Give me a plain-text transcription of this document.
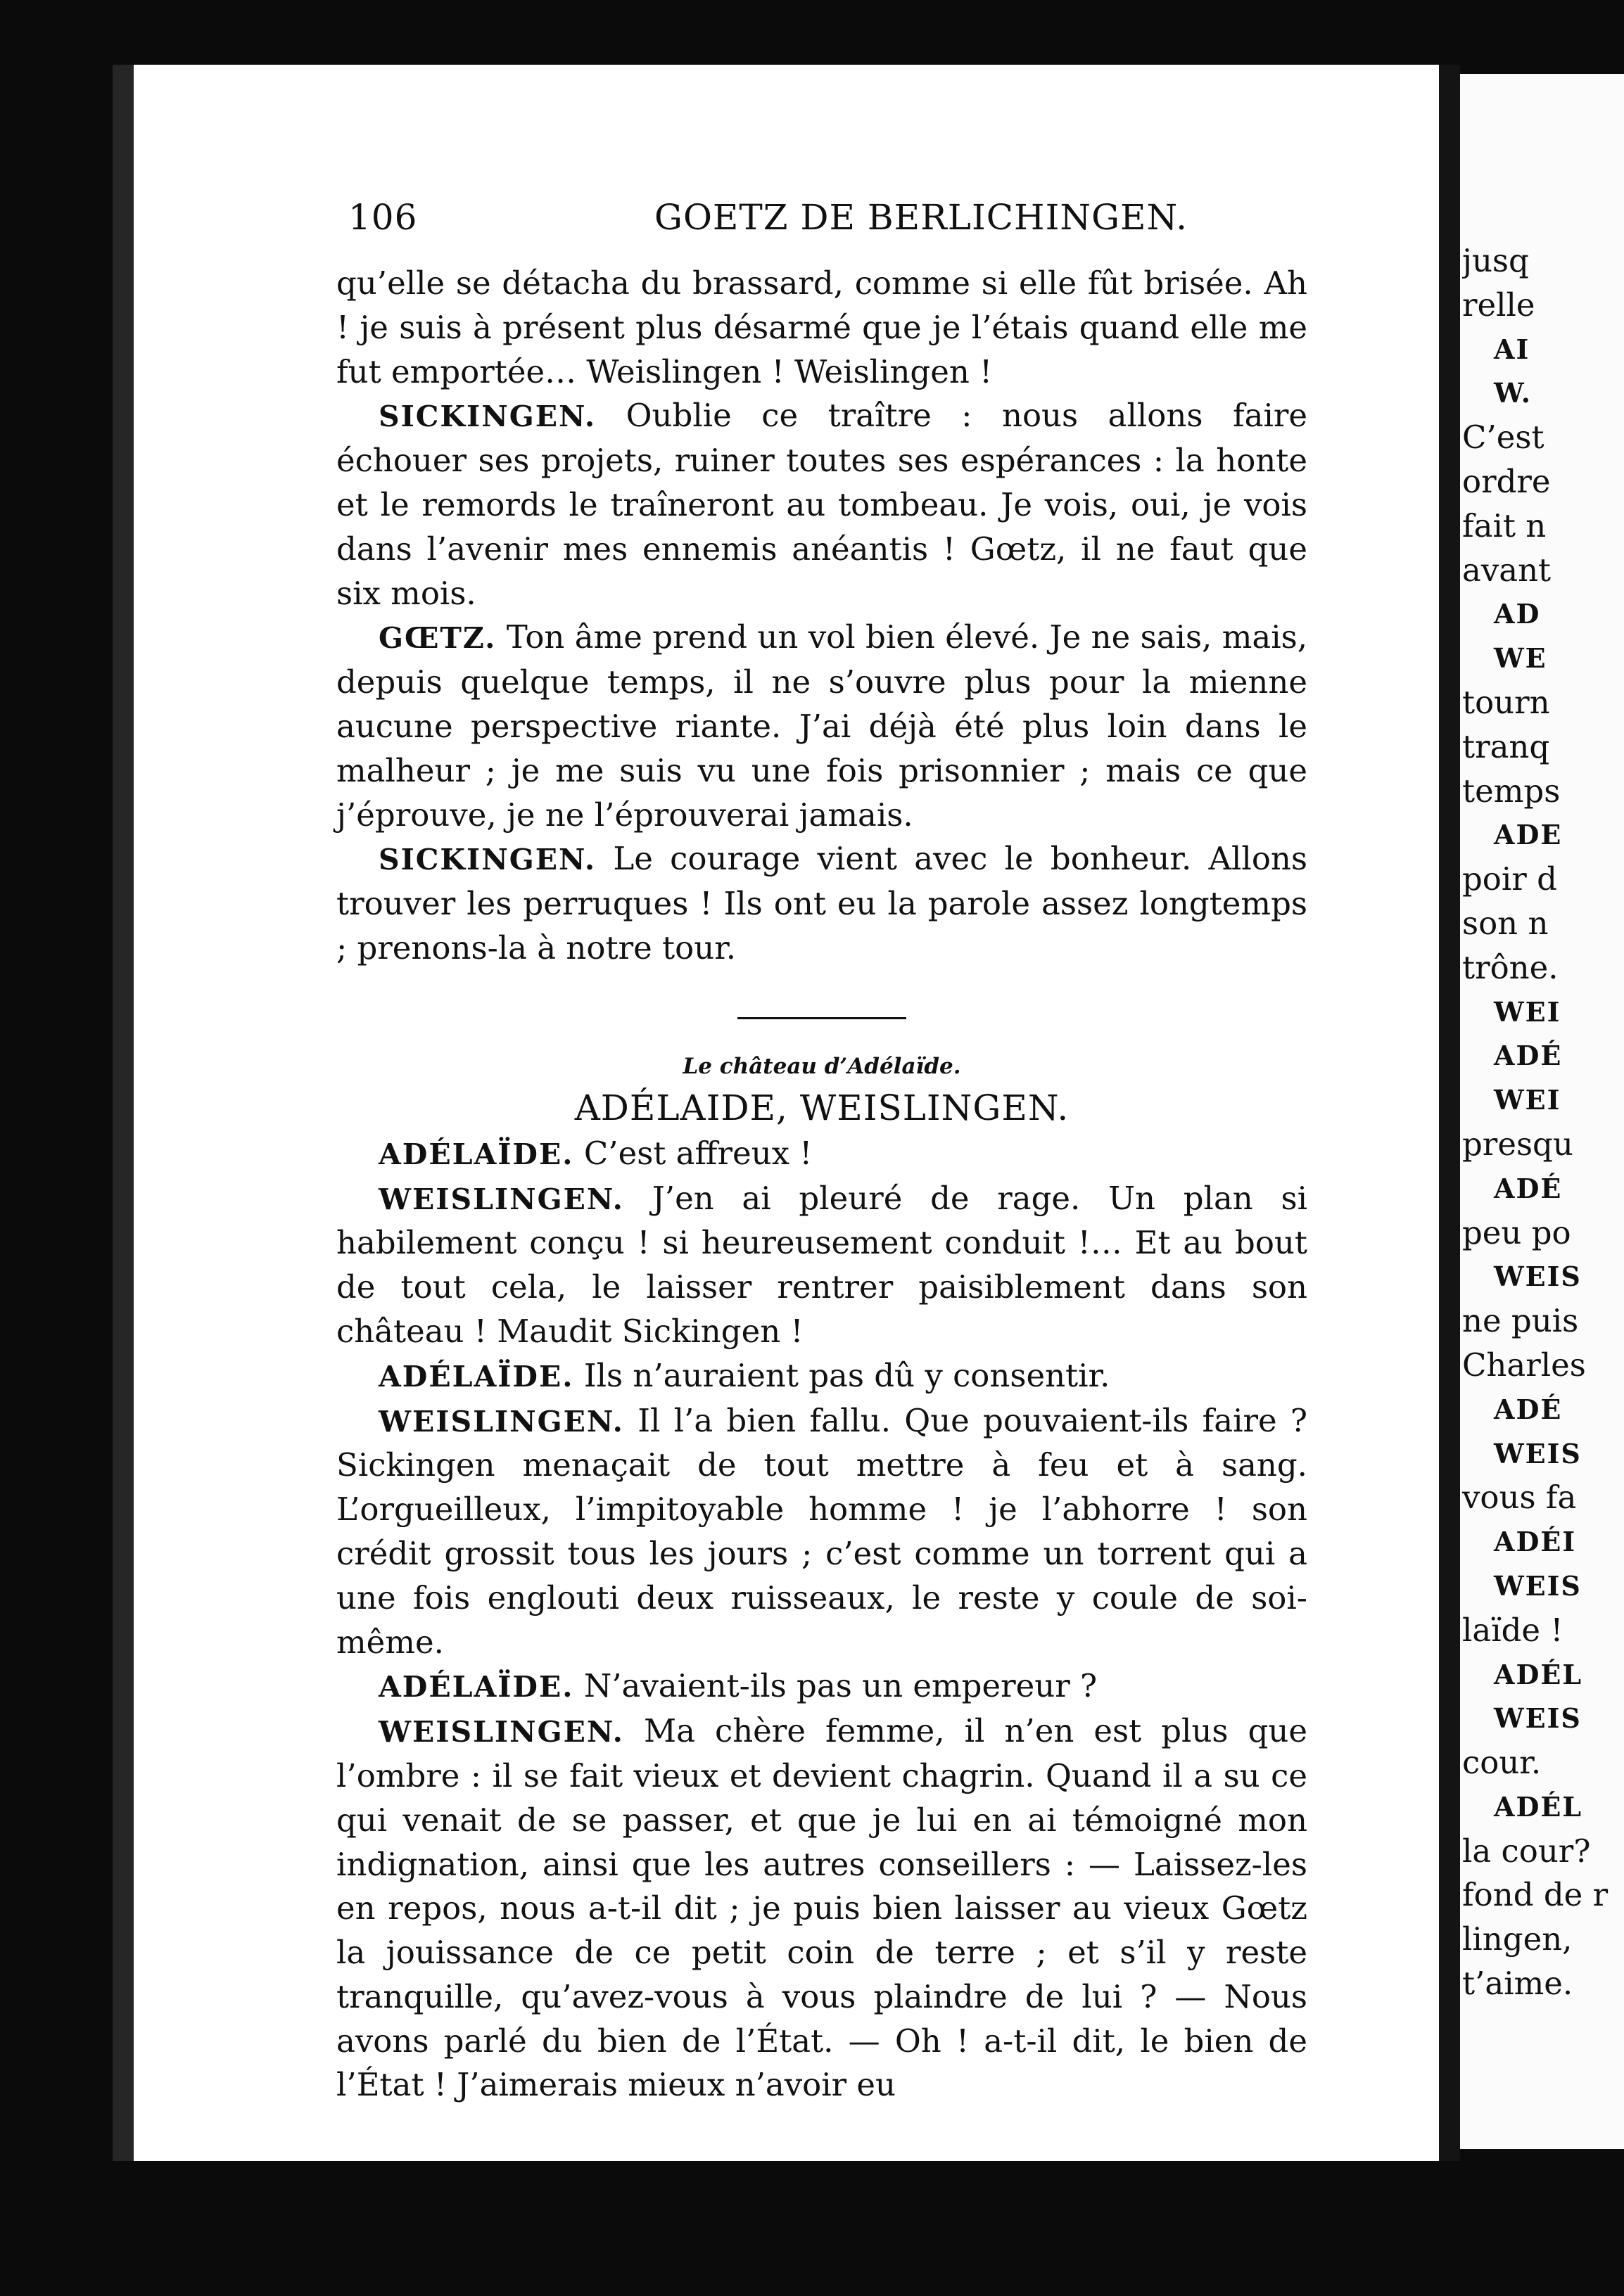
106	GOETZ DE BERLICHINGEN.

qu’elle se détacha du brassard, comme si elle fût brisée. Ah ! je suis à présent plus désarmé que je l’étais quand elle me fut emportée… Weislingen ! Weislingen !

SICKINGEN. Oublie ce traître : nous allons faire échouer ses projets, ruiner toutes ses espérances : la honte et le remords le traîneront au tombeau. Je vois, oui, je vois dans l’avenir mes ennemis anéantis ! Gœtz, il ne faut que six mois.

GŒTZ. Ton âme prend un vol bien élevé. Je ne sais, mais, depuis quelque temps, il ne s’ouvre plus pour la mienne aucune perspective riante. J’ai déjà été plus loin dans le malheur ; je me suis vu une fois prisonnier ; mais ce que j’éprouve, je ne l’éprouverai jamais.

SICKINGEN. Le courage vient avec le bonheur. Allons trouver les perruques ! Ils ont eu la parole assez longtemps ; prenons-la à notre tour.

Le château d’Adélaïde.

ADÉLAIDE, WEISLINGEN.

ADÉLAÏDE. C’est affreux !

WEISLINGEN. J’en ai pleuré de rage. Un plan si habilement conçu ! si heureusement conduit !… Et au bout de tout cela, le laisser rentrer paisiblement dans son château ! Maudit Sickingen !

ADÉLAÏDE. Ils n’auraient pas dû y consentir.

WEISLINGEN. Il l’a bien fallu. Que pouvaient-ils faire ? Sickingen menaçait de tout mettre à feu et à sang. L’orgueilleux, l’impitoyable homme ! je l’abhorre ! son crédit grossit tous les jours ; c’est comme un torrent qui a une fois englouti deux ruisseaux, le reste y coule de soi-même.

ADÉLAÏDE. N’avaient-ils pas un empereur ?

WEISLINGEN. Ma chère femme, il n’en est plus que l’ombre : il se fait vieux et devient chagrin. Quand il a su ce qui venait de se passer, et que je lui en ai témoigné mon indignation, ainsi que les autres conseillers : — Laissez-les en repos, nous a-t-il dit ; je puis bien laisser au vieux Gœtz la jouissance de ce petit coin de terre ; et s’il y reste tranquille, qu’avez-vous à vous plaindre de lui ? — Nous avons parlé du bien de l’État. — Oh ! a-t-il dit, le bien de l’État ! J’aimerais mieux n’avoir eu

jusq
relle
AI
W.
C’est
ordre
fait n
avant
AD
WE
tourn
tranq
temps
ADE
poir d
son n
trône.
WEI
ADÉ
WEI
presqu
ADÉ
peu po
WEIS
ne puis
Charles
ADÉ
WEIS
vous fa
ADÉI
WEIS
laïde !
ADÉL
WEIS
cour.
ADÉL
la cour?
fond de r
lingen,
t’aime.
